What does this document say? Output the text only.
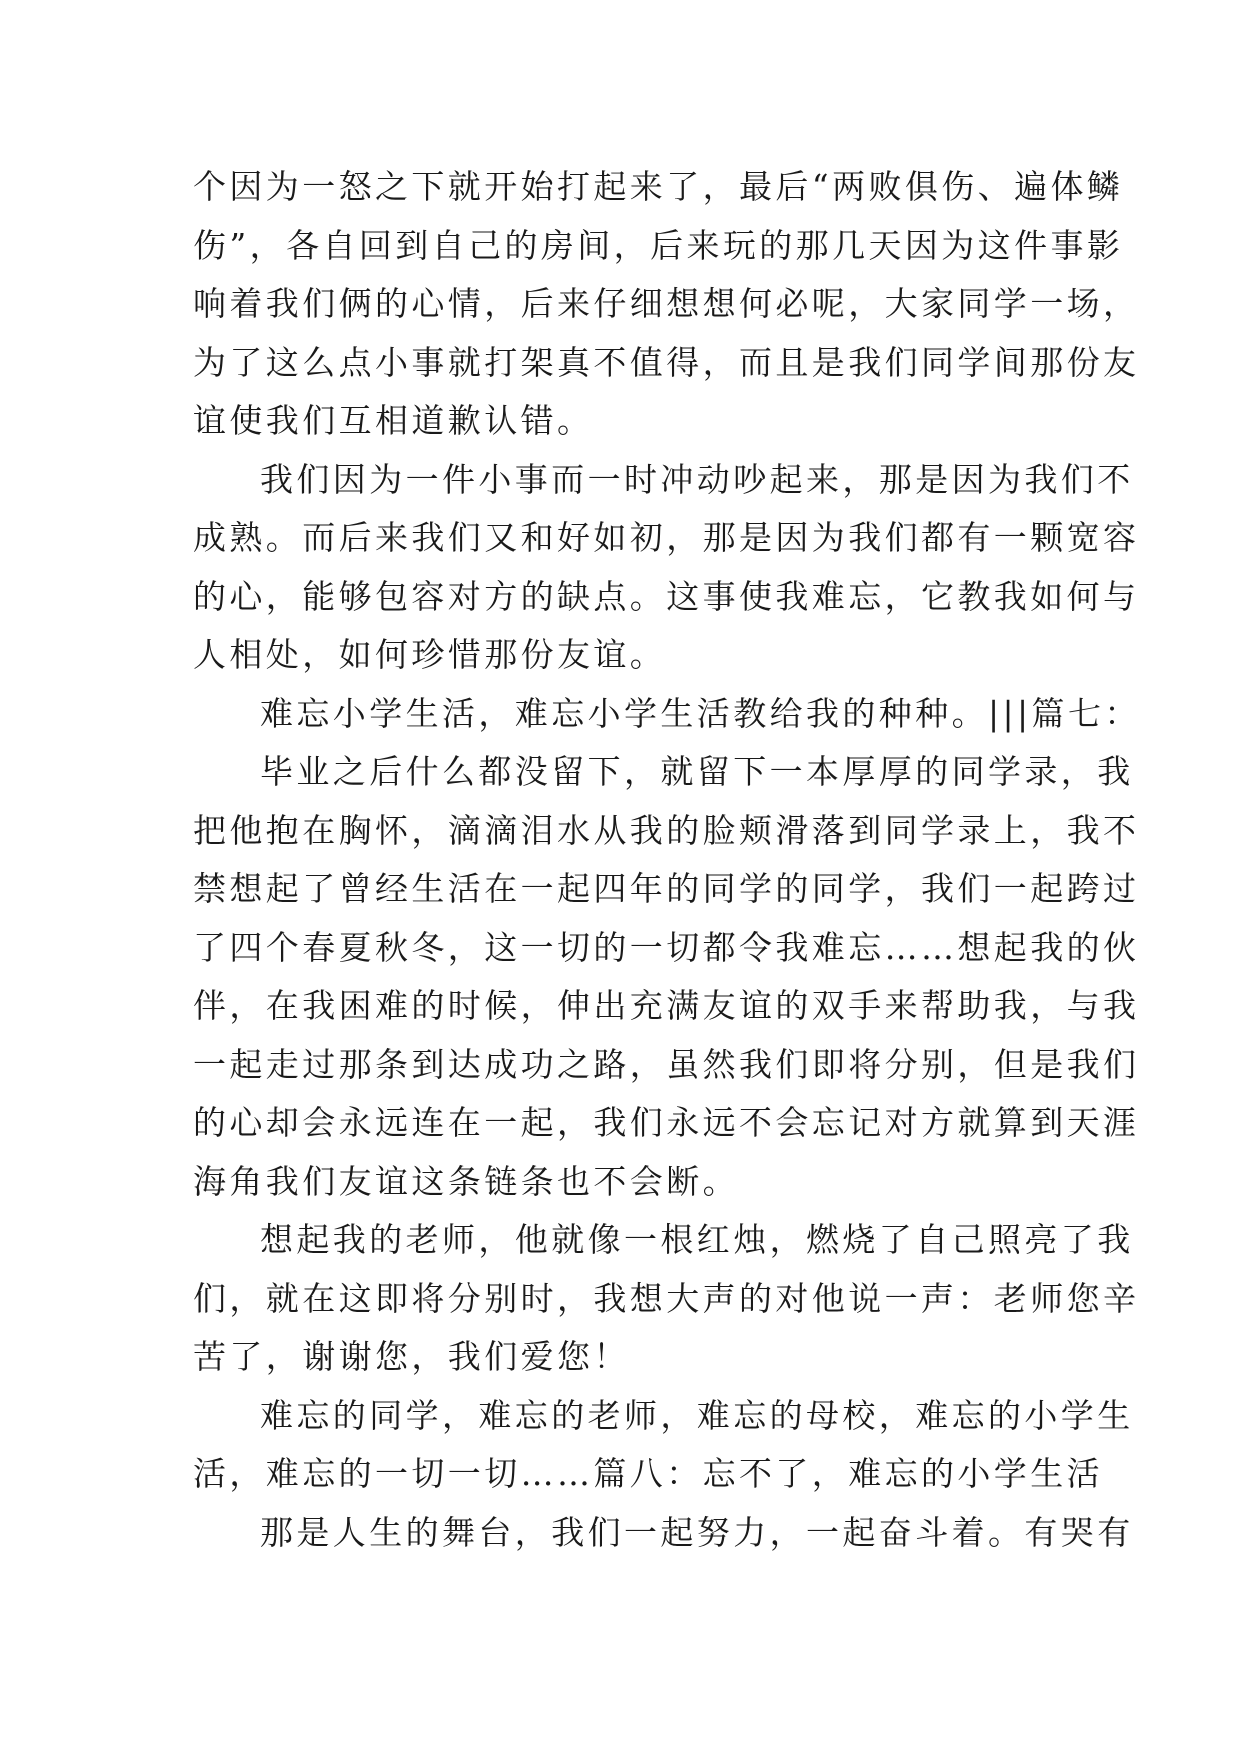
个因为一怒之下就开始打起来了，最后“两败俱伤、遍体鳞
伤”，各自回到自己的房间，后来玩的那几天因为这件事影
响着我们俩的心情，后来仔细想想何必呢，大家同学一场，
为了这么点小事就打架真不值得，而且是我们同学间那份友
谊使我们互相道歉认错。
我们因为一件小事而一时冲动吵起来，那是因为我们不
成熟。而后来我们又和好如初，那是因为我们都有一颗宽容
的心，能够包容对方的缺点。这事使我难忘，它教我如何与
人相处，如何珍惜那份友谊。
难忘小学生活，难忘小学生活教给我的种种。|||篇七：
毕业之后什么都没留下，就留下一本厚厚的同学录，我
把他抱在胸怀，滴滴泪水从我的脸颊滑落到同学录上，我不
禁想起了曾经生活在一起四年的同学的同学，我们一起跨过
了四个春夏秋冬，这一切的一切都令我难忘……想起我的伙
伴，在我困难的时候，伸出充满友谊的双手来帮助我，与我
一起走过那条到达成功之路，虽然我们即将分别，但是我们
的心却会永远连在一起，我们永远不会忘记对方就算到天涯
海角我们友谊这条链条也不会断。
想起我的老师，他就像一根红烛，燃烧了自己照亮了我
们，就在这即将分别时，我想大声的对他说一声：老师您辛
苦了，谢谢您，我们爱您！
难忘的同学，难忘的老师，难忘的母校，难忘的小学生
活，难忘的一切一切……篇八：忘不了，难忘的小学生活
那是人生的舞台，我们一起努力，一起奋斗着。有哭有
